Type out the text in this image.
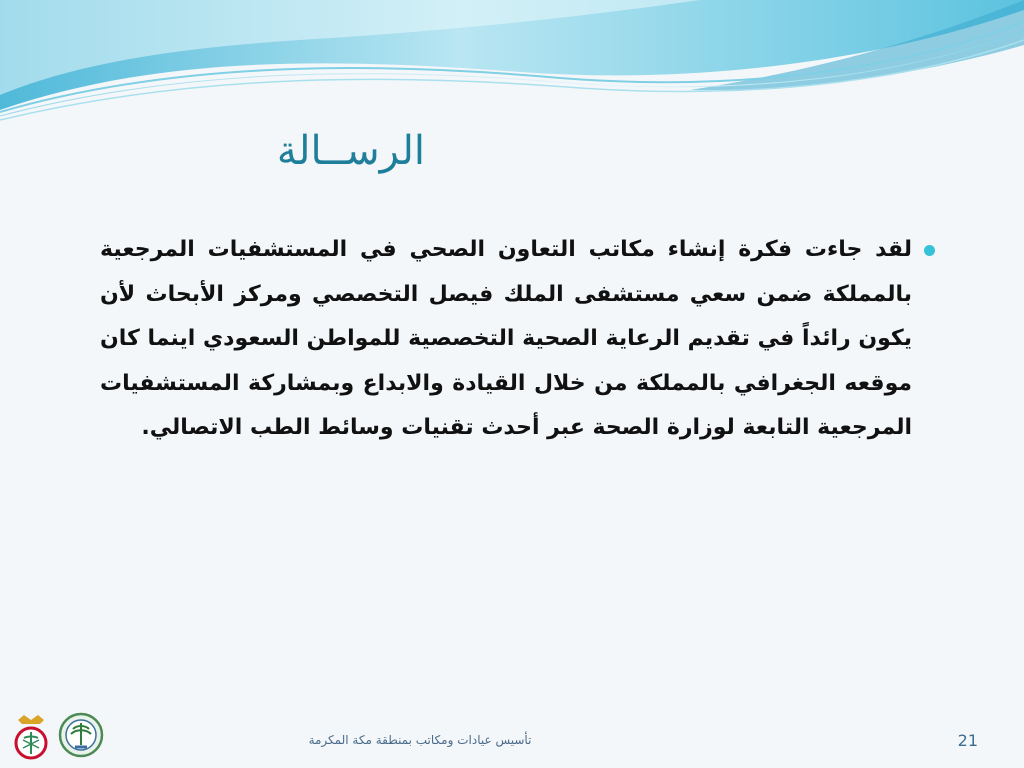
الرســالة
لقد جاءت فكرة إنشاء مكاتب التعاون الصحي في المستشفيات المرجعية بالمملكة ضمن سعي مستشفى الملك فيصل التخصصي ومركز الأبحاث لأن يكون رائداً في تقديم الرعاية الصحية التخصصية للمواطن السعودي اينما كان موقعه الجغرافي بالمملكة من خلال القيادة والابداع وبمشاركة المستشفيات المرجعية التابعة لوزارة الصحة عبر أحدث تقنيات وسائط الطب الاتصالي.
تأسيس عيادات ومكاتب بمنطقة مكة المكرمة	21
